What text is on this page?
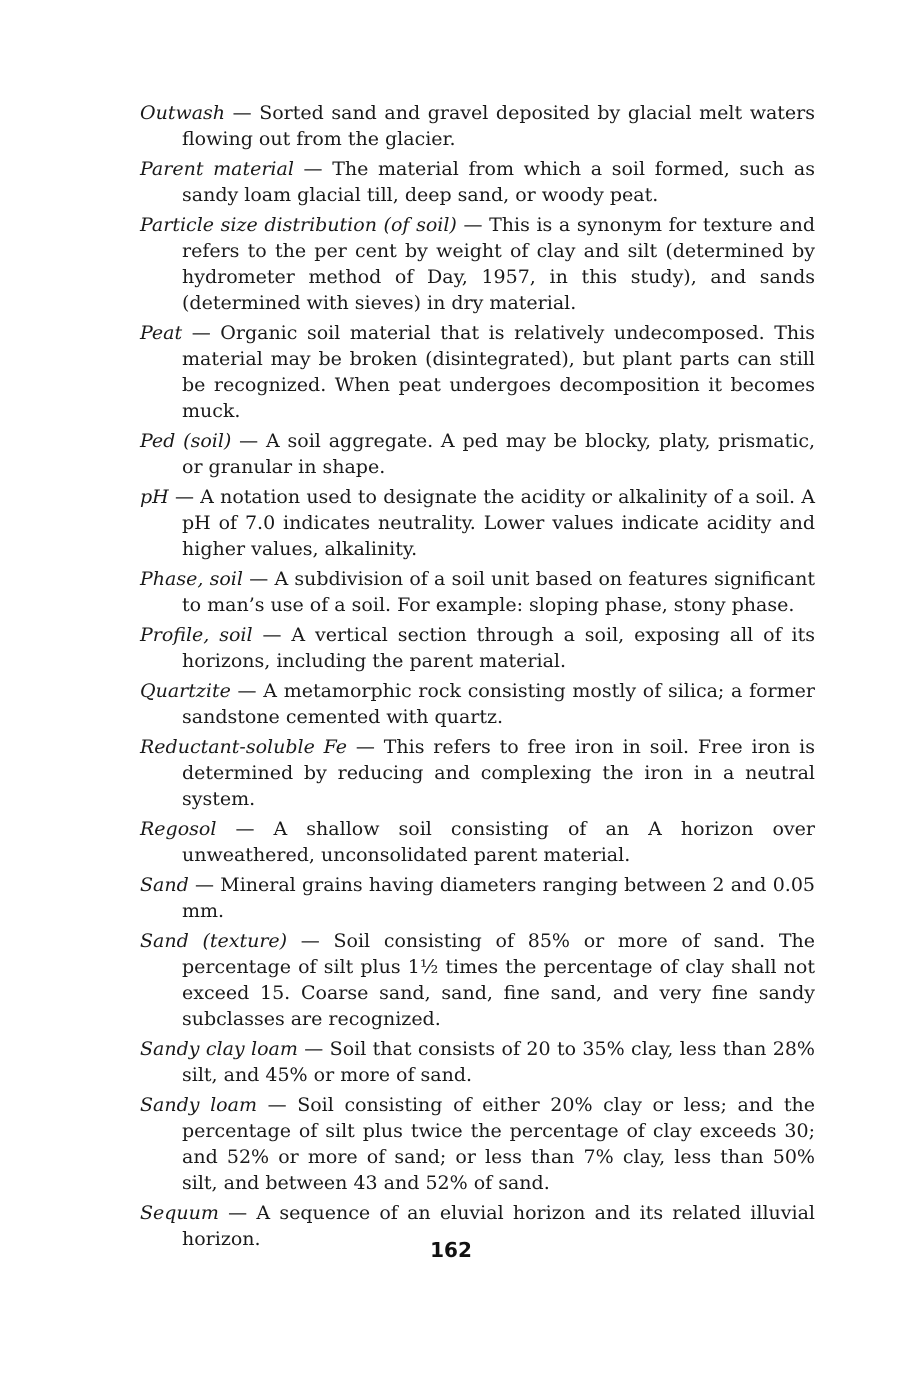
Outwash — Sorted sand and gravel deposited by glacial melt waters flowing out from the glacier.

Parent material — The material from which a soil formed, such as sandy loam glacial till, deep sand, or woody peat.

Particle size distribution (of soil) — This is a synonym for texture and refers to the per cent by weight of clay and silt (determined by hydrometer method of Day, 1957, in this study), and sands (determined with sieves) in dry material.

Peat — Organic soil material that is relatively undecomposed. This material may be broken (disintegrated), but plant parts can still be recognized. When peat undergoes decomposition it becomes muck.

Ped (soil) — A soil aggregate. A ped may be blocky, platy, prismatic, or granular in shape.

pH — A notation used to designate the acidity or alkalinity of a soil. A pH of 7.0 indicates neutrality. Lower values indicate acidity and higher values, alkalinity.

Phase, soil — A subdivision of a soil unit based on features significant to man’s use of a soil. For example: sloping phase, stony phase.

Profile, soil — A vertical section through a soil, exposing all of its horizons, including the parent material.

Quartzite — A metamorphic rock consisting mostly of silica; a former sandstone cemented with quartz.

Reductant-soluble Fe — This refers to free iron in soil. Free iron is determined by reducing and complexing the iron in a neutral system.

Regosol — A shallow soil consisting of an A horizon over unweathered, unconsolidated parent material.

Sand — Mineral grains having diameters ranging between 2 and 0.05 mm.

Sand (texture) — Soil consisting of 85% or more of sand. The percentage of silt plus 1½ times the percentage of clay shall not exceed 15. Coarse sand, sand, fine sand, and very fine sandy subclasses are recognized.

Sandy clay loam — Soil that consists of 20 to 35% clay, less than 28% silt, and 45% or more of sand.

Sandy loam — Soil consisting of either 20% clay or less; and the percentage of silt plus twice the percentage of clay exceeds 30; and 52% or more of sand; or less than 7% clay, less than 50% silt, and between 43 and 52% of sand.

Sequum — A sequence of an eluvial horizon and its related illuvial horizon.	162
